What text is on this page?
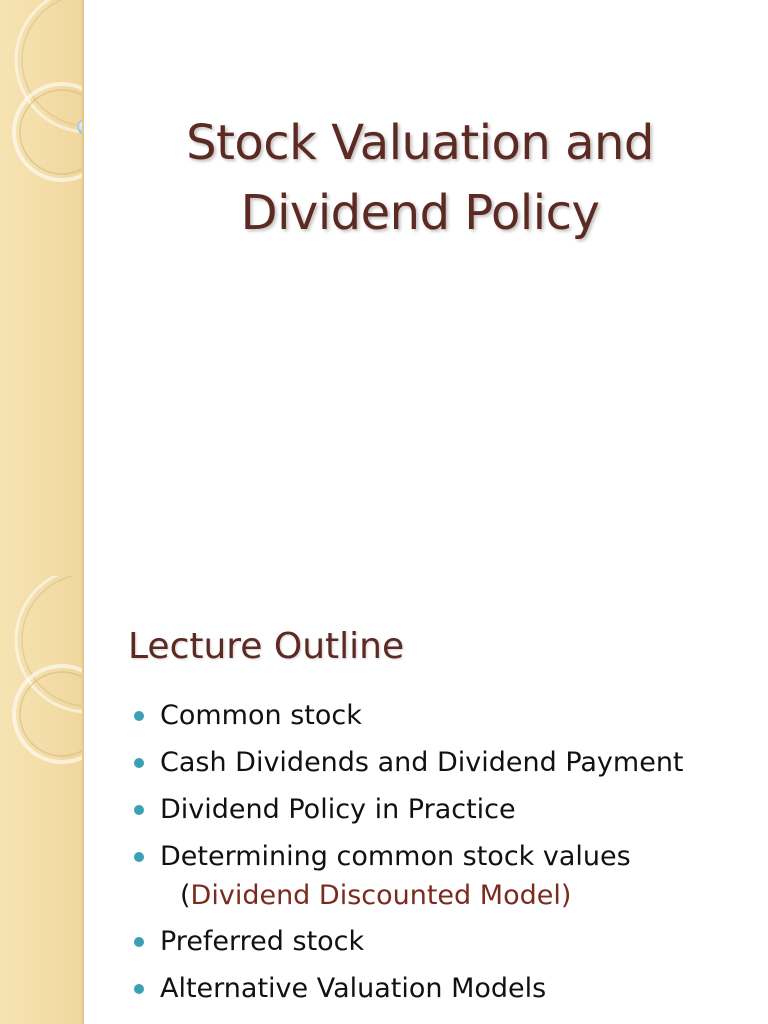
Stock Valuation and
Dividend Policy
Lecture Outline
Common stock
Cash Dividends and Dividend Payment
Dividend Policy in Practice
Determining common stock values
(Dividend Discounted Model)
Preferred stock
Alternative Valuation Models
